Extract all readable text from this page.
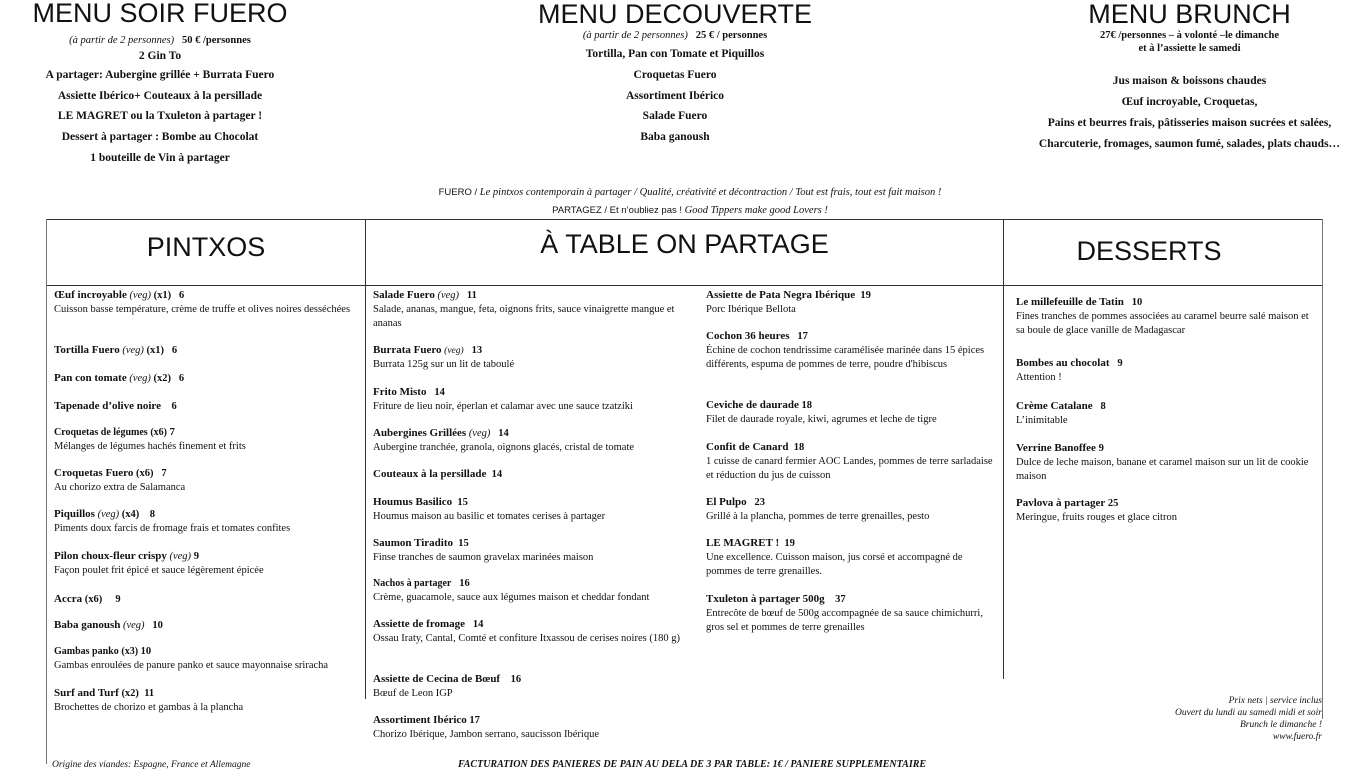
MENU SOIR FUERO
(à partir de 2 personnes) 50 € /personnes
2 Gin To
A partager: Aubergine grillée + Burrata Fuero
Assiette Ibérico+ Couteaux à la persillade
LE MAGRET ou la Txuleton à partager !
Dessert à partager : Bombe au Chocolat
1 bouteille de Vin à partager
MENU DECOUVERTE
(à partir de 2 personnes) 25 € / personnes
Tortilla, Pan con Tomate et Piquillos
Croquetas Fuero
Assortiment Ibérico
Salade Fuero
Baba ganoush
MENU BRUNCH
27€ /personnes – à volonté –le dimanche
et à l’assiette le samedi
Jus maison & boissons chaudes
Œuf incroyable, Croquetas,
Pains et beurres frais, pâtisseries maison sucrées et salées,
Charcuterie, fromages, saumon fumé, salades, plats chauds…
FUERO / Le pintxos contemporain à partager / Qualité, créativité et décontraction / Tout est frais, tout est fait maison !
PARTAGEZ / Et n’oubliez pas ! Good Tippers make good Lovers !
PINTXOS	À TABLE ON PARTAGE	DESSERTS
Œuf incroyable (veg) (x1) 6
Cuisson basse température, crème de truffe et olives noires desséchées
Tortilla Fuero (veg) (x1) 6
Pan con tomate (veg) (x2) 6
Tapenade d’olive noire 6
Croquetas de légumes (x6) 7
Mélanges de légumes hachés finement et frits
Croquetas Fuero (x6) 7
Au chorizo extra de Salamanca
Piquillos (veg) (x4) 8
Piments doux farcis de fromage frais et tomates confites
Pilon choux-fleur crispy (veg) 9
Façon poulet frit épicé et sauce légèrement épicée
Accra (x6) 9
Baba ganoush (veg) 10
Gambas panko (x3) 10
Gambas enroulées de panure panko et sauce mayonnaise sriracha
Surf and Turf (x2) 11
Brochettes de chorizo et gambas à la plancha
Origine des viandes: Espagne, France et Allemagne
Salade Fuero (veg) 11
Salade, ananas, mangue, feta, oignons frits, sauce vinaigrette mangue et ananas
Burrata Fuero (veg) 13
Burrata 125g sur un lit de taboulé
Frito Misto 14
Friture de lieu noir, éperlan et calamar avec une sauce tzatziki
Aubergines Grillées (veg) 14
Aubergine tranchée, granola, oignons glacés, cristal de tomate
Couteaux à la persillade 14
Houmus Basilico 15
Houmus maison au basilic et tomates cerises à partager
Saumon Tiradito 15
Finse tranches de saumon gravelax marinées maison
Nachos à partager 16
Crème, guacamole, sauce aux légumes maison et cheddar fondant
Assiette de fromage 14
Ossau Iraty, Cantal, Comté et confiture Itxassou de cerises noires (180 g)
Assiette de Cecina de Bœuf 16
Bœuf de Leon IGP
Assortiment Ibérico 17
Chorizo Ibérique, Jambon serrano, saucisson Ibérique
Assiette de Pata Negra Ibérique 19
Porc Ibérique Bellota
Cochon 36 heures 17
Échine de cochon tendrissime caramélisée marinée dans 15 épices différents, espuma de pommes de terre, poudre d'hibiscus
Ceviche de daurade 18
Filet de daurade royale, kiwi, agrumes et leche de tigre
Confit de Canard 18
1 cuisse de canard fermier AOC Landes, pommes de terre sarladaise et réduction du jus de cuisson
El Pulpo 23
Grillé à la plancha, pommes de terre grenailles, pesto
LE MAGRET ! 19
Une excellence. Cuisson maison, jus corsé et accompagné de pommes de terre grenailles.
Txuleton à partager 500g 37
Entrecôte de bœuf de 500g accompagnée de sa sauce chimichurri, gros sel et pommes de terre grenailles
FACTURATION DES PANIERES DE PAIN AU DELA DE 3 PAR TABLE: 1€ / PANIERE SUPPLEMENTAIRE
Le millefeuille de Tatin 10
Fines tranches de pommes associées au caramel beurre salé maison et sa boule de glace vanille de Madagascar
Bombes au chocolat 9
Attention !
Crème Catalane 8
L’inimitable
Verrine Banoffee 9
Dulce de leche maison, banane et caramel maison sur un lit de cookie maison
Pavlova à partager 25
Meringue, fruits rouges et glace citron
Prix nets | service inclus
Ouvert du lundi au samedi midi et soir
Brunch le dimanche !
www.fuero.fr
